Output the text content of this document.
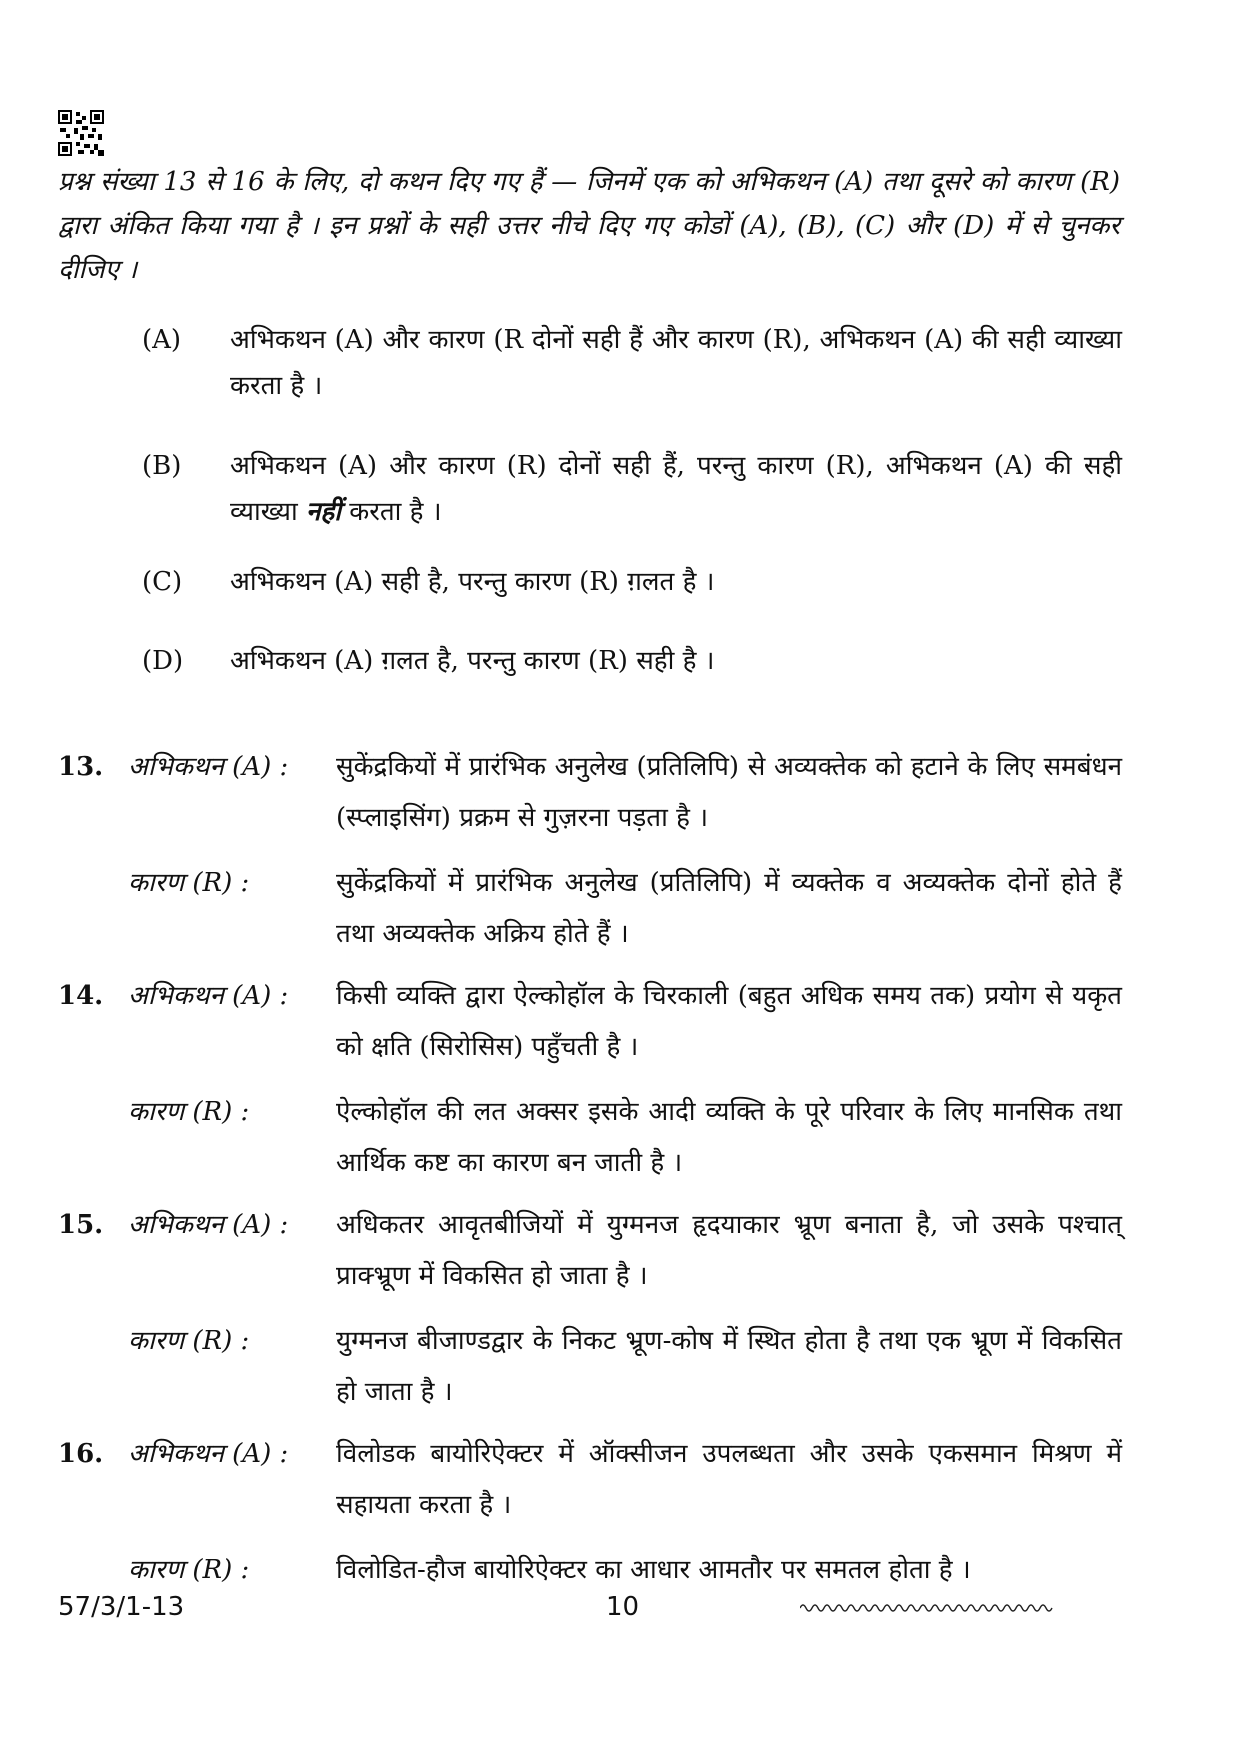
प्रश्न संख्या 13 से 16 के लिए, दो कथन दिए गए हैं — जिनमें एक को अभिकथन (A) तथा दूसरे को कारण (R) द्वारा अंकित किया गया है । इन प्रश्नों के सही उत्तर नीचे दिए गए कोडों (A), (B), (C) और (D) में से चुनकर दीजिए ।
(A)	अभिकथन (A) और कारण (R दोनों सही हैं और कारण (R), अभिकथन (A) की सही व्याख्या करता है ।
(B)	अभिकथन (A) और कारण (R) दोनों सही हैं, परन्तु कारण (R), अभिकथन (A) की सही व्याख्या नहीं करता है ।
(C)	अभिकथन (A) सही है, परन्तु कारण (R) ग़लत है ।
(D)	अभिकथन (A) ग़लत है, परन्तु कारण (R) सही है ।
13. अभिकथन (A) : सुकेंद्रकियों में प्रारंभिक अनुलेख (प्रतिलिपि) से अव्यक्तेक को हटाने के लिए समबंधन (स्प्लाइसिंग) प्रक्रम से गुज़रना पड़ता है ।
कारण (R) :	सुकेंद्रकियों में प्रारंभिक अनुलेख (प्रतिलिपि) में व्यक्तेक व अव्यक्तेक दोनों होते हैं तथा अव्यक्तेक अक्रिय होते हैं ।
14. अभिकथन (A) : किसी व्यक्ति द्वारा ऐल्कोहॉल के चिरकाली (बहुत अधिक समय तक) प्रयोग से यकृत को क्षति (सिरोसिस) पहुँचती है ।
कारण (R) :	ऐल्कोहॉल की लत अक्सर इसके आदी व्यक्ति के पूरे परिवार के लिए मानसिक तथा आर्थिक कष्ट का कारण बन जाती है ।
15. अभिकथन (A) : अधिकतर आवृतबीजियों में युग्मनज हृदयाकार भ्रूण बनाता है, जो उसके पश्चात् प्राक्भ्रूण में विकसित हो जाता है ।
कारण (R) :	युग्मनज बीजाण्डद्वार के निकट भ्रूण-कोष में स्थित होता है तथा एक भ्रूण में विकसित हो जाता है ।
16. अभिकथन (A) : विलोडक बायोरिऐक्टर में ऑक्सीजन उपलब्धता और उसके एकसमान मिश्रण में सहायता करता है ।
कारण (R) :	विलोडित-हौज बायोरिऐक्टर का आधार आमतौर पर समतल होता है ।
57/3/1-13	10
